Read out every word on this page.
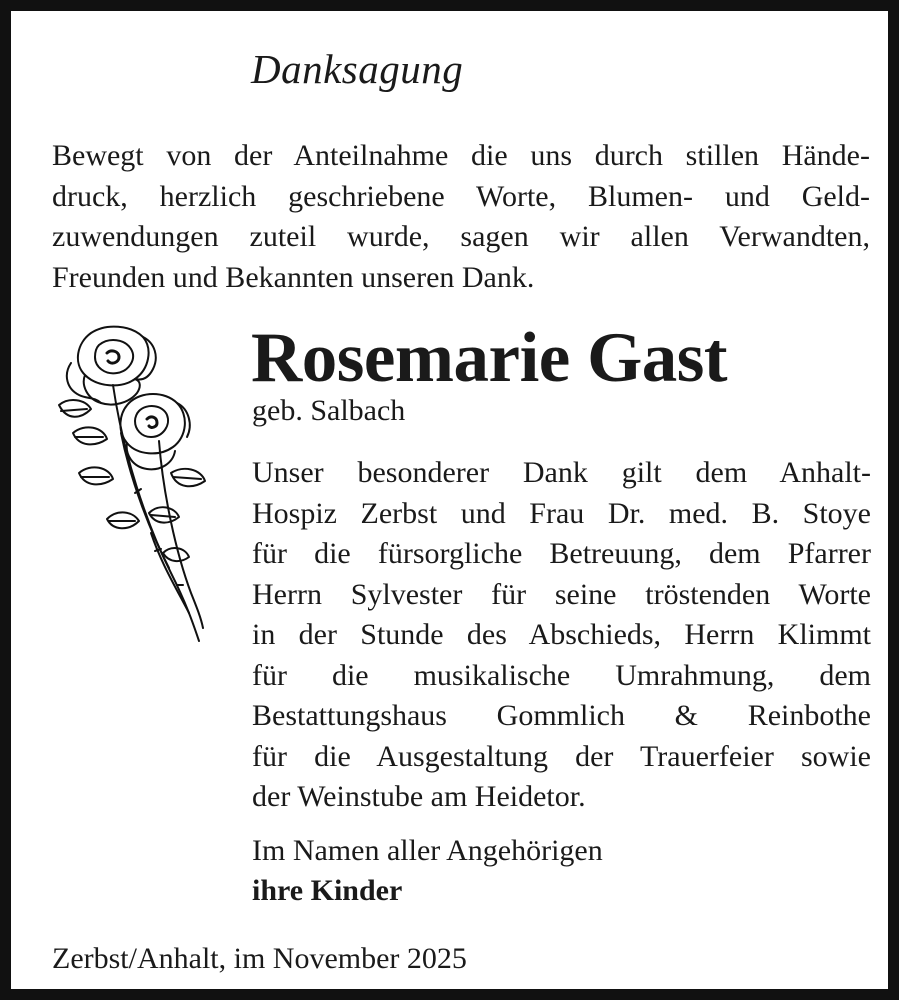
Danksagung
Bewegt von der Anteilnahme die uns durch stillen Hände-
druck, herzlich geschriebene Worte, Blumen- und Geld-
zuwendungen zuteil wurde, sagen wir allen Verwandten,
Freunden und Bekannten unseren Dank.
Rosemarie Gast
geb. Salbach
Unser besonderer Dank gilt dem Anhalt-
Hospiz Zerbst und Frau Dr. med. B. Stoye
für die fürsorgliche Betreuung, dem Pfarrer
Herrn Sylvester für seine tröstenden Worte
in der Stunde des Abschieds, Herrn Klimmt
für die musikalische Umrahmung, dem
Bestattungshaus Gommlich & Reinbothe
für die Ausgestaltung der Trauerfeier sowie
der Weinstube am Heidetor.
Im Namen aller Angehörigen
ihre Kinder
Zerbst/Anhalt, im November 2025
